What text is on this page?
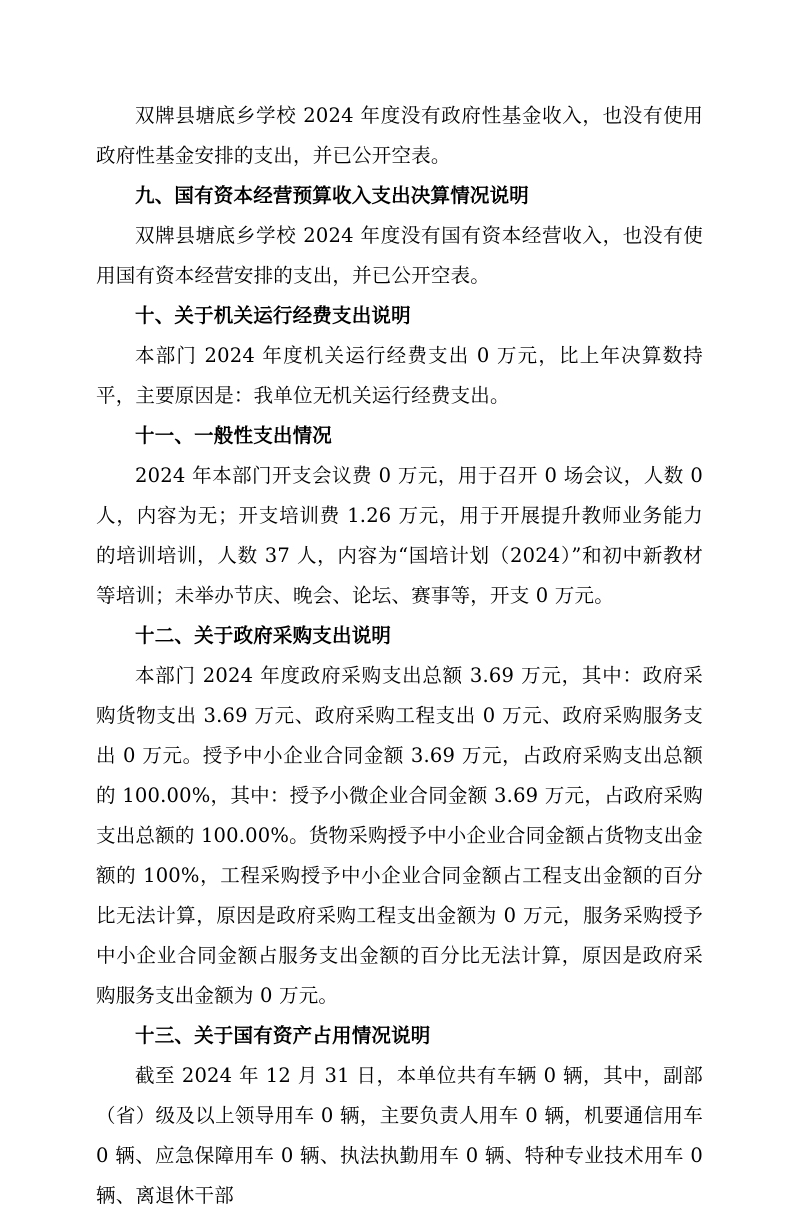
双牌县塘底乡学校 2024 年度没有政府性基金收入，也没有使用政府性基金安排的支出，并已公开空表。

九、国有资本经营预算收入支出决算情况说明

双牌县塘底乡学校 2024 年度没有国有资本经营收入，也没有使用国有资本经营安排的支出，并已公开空表。

十、关于机关运行经费支出说明

本部门 2024 年度机关运行经费支出 0 万元，比上年决算数持平，主要原因是：我单位无机关运行经费支出。

十一、一般性支出情况

2024 年本部门开支会议费 0 万元，用于召开 0 场会议，人数 0 人，内容为无；开支培训费 1.26 万元，用于开展提升教师业务能力的培训培训，人数 37 人，内容为“国培计划（2024）”和初中新教材等培训；未举办节庆、晚会、论坛、赛事等，开支 0 万元。

十二、关于政府采购支出说明

本部门 2024 年度政府采购支出总额 3.69 万元，其中：政府采购货物支出 3.69 万元、政府采购工程支出 0 万元、政府采购服务支出 0 万元。授予中小企业合同金额 3.69 万元，占政府采购支出总额的 100.00%，其中：授予小微企业合同金额 3.69 万元，占政府采购支出总额的 100.00%。货物采购授予中小企业合同金额占货物支出金额的 100%，工程采购授予中小企业合同金额占工程支出金额的百分比无法计算，原因是政府采购工程支出金额为 0 万元，服务采购授予中小企业合同金额占服务支出金额的百分比无法计算，原因是政府采购服务支出金额为 0 万元。

十三、关于国有资产占用情况说明

截至 2024 年 12 月 31 日，本单位共有车辆 0 辆，其中，副部（省）级及以上领导用车 0 辆，主要负责人用车 0 辆，机要通信用车 0 辆、应急保障用车 0 辆、执法执勤用车 0 辆、特种专业技术用车 0 辆、离退休干部
